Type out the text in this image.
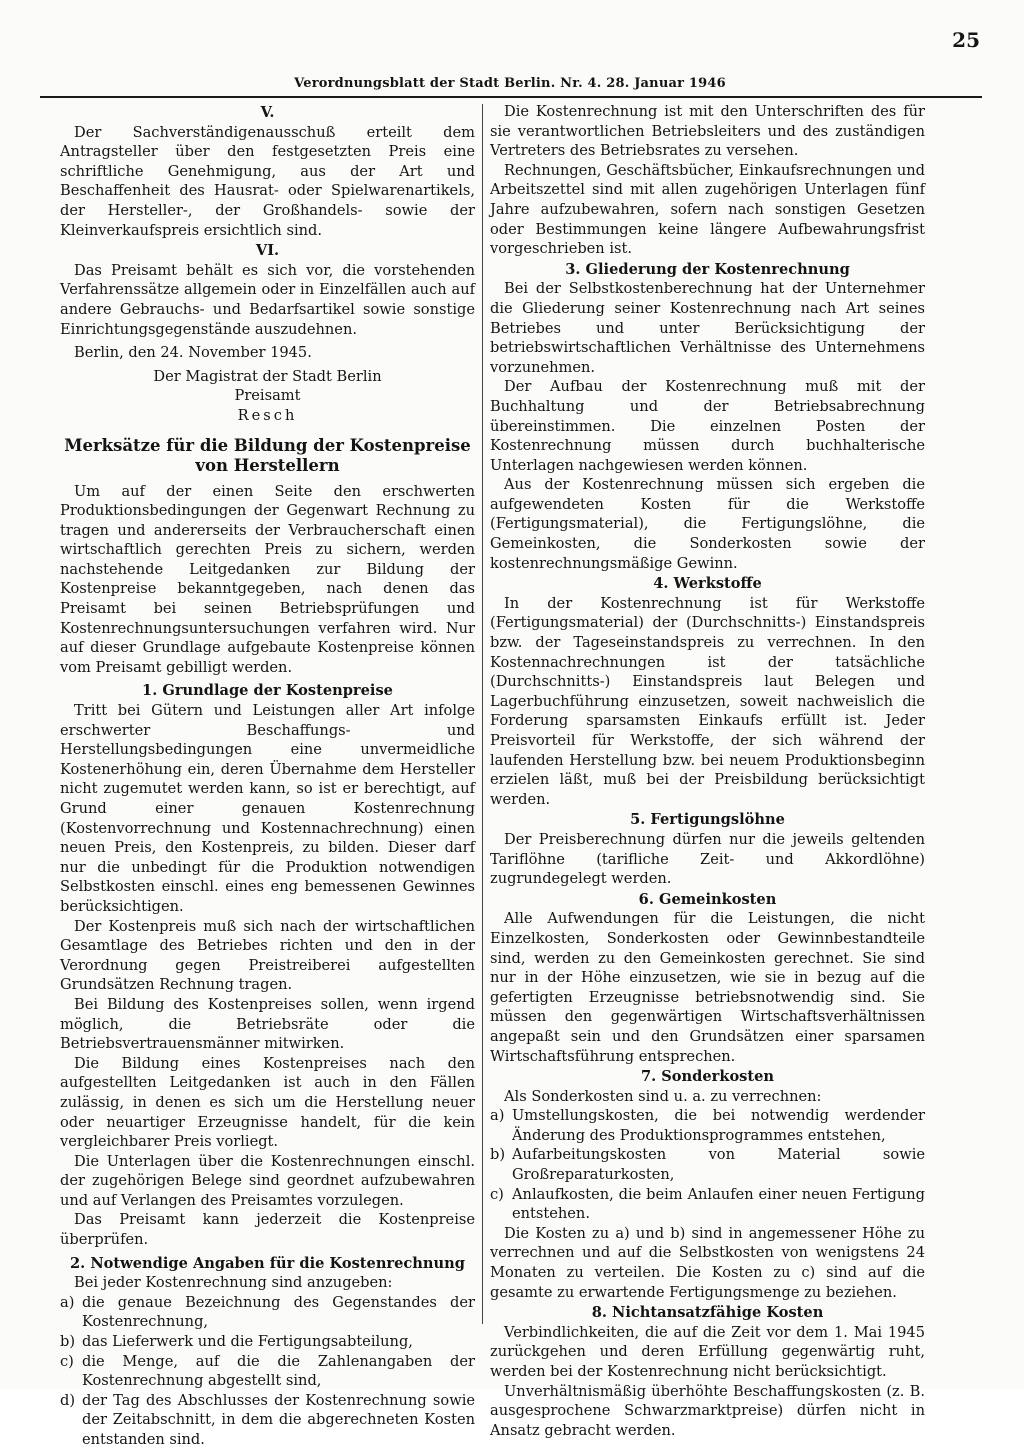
Verordnungsblatt der Stadt Berlin. Nr. 4. 28. Januar 1946
25

V.

Der Sachverständigenausschuß erteilt dem Antragsteller über den festgesetzten Preis eine schriftliche Genehmigung, aus der Art und Beschaffenheit des Hausrat- oder Spielwarenartikels, der Hersteller-, der Großhandels- sowie der Kleinverkaufspreis ersichtlich sind.

VI.

Das Preisamt behält es sich vor, die vorstehenden Verfahrenssätze allgemein oder in Einzelfällen auch auf andere Gebrauchs- und Bedarfsartikel sowie sonstige Einrichtungsgegenstände auszudehnen.

Berlin, den 24. November 1945.

Der Magistrat der Stadt Berlin

Preisamt

Resch

Merksätze für die Bildung der Kostenpreise
von Herstellern

Um auf der einen Seite den erschwerten Produktionsbedingungen der Gegenwart Rechnung zu tragen und andererseits der Verbraucherschaft einen wirtschaftlich gerechten Preis zu sichern, werden nachstehende Leitgedanken zur Bildung der Kostenpreise bekanntgegeben, nach denen das Preisamt bei seinen Betriebsprüfungen und Kostenrechnungsuntersuchungen verfahren wird. Nur auf dieser Grundlage aufgebaute Kostenpreise können vom Preisamt gebilligt werden.

1. Grundlage der Kostenpreise

Tritt bei Gütern und Leistungen aller Art infolge erschwerter Beschaffungs- und Herstellungsbedingungen eine unvermeidliche Kostenerhöhung ein, deren Übernahme dem Hersteller nicht zugemutet werden kann, so ist er berechtigt, auf Grund einer genauen Kostenrechnung (Kostenvorrechnung und Kostennachrechnung) einen neuen Preis, den Kostenpreis, zu bilden. Dieser darf nur die unbedingt für die Produktion notwendigen Selbstkosten einschl. eines eng bemessenen Gewinnes berücksichtigen.

Der Kostenpreis muß sich nach der wirtschaftlichen Gesamtlage des Betriebes richten und den in der Verordnung gegen Preistreiberei aufgestellten Grundsätzen Rechnung tragen.

Bei Bildung des Kostenpreises sollen, wenn irgend möglich, die Betriebsräte oder die Betriebsvertrauensmänner mitwirken.

Die Bildung eines Kostenpreises nach den aufgestellten Leitgedanken ist auch in den Fällen zulässig, in denen es sich um die Herstellung neuer oder neuartiger Erzeugnisse handelt, für die kein vergleichbarer Preis vorliegt.

Die Unterlagen über die Kostenrechnungen einschl. der zugehörigen Belege sind geordnet aufzubewahren und auf Verlangen des Preisamtes vorzulegen.

Das Preisamt kann jederzeit die Kostenpreise überprüfen.

2. Notwendige Angaben für die Kostenrechnung

Bei jeder Kostenrechnung sind anzugeben:

a) die genaue Bezeichnung des Gegenstandes der Kostenrechnung,
b) das Lieferwerk und die Fertigungsabteilung,
c) die Menge, auf die die Zahlenangaben der Kostenrechnung abgestellt sind,
d) der Tag des Abschlusses der Kostenrechnung sowie der Zeitabschnitt, in dem die abgerechneten Kosten entstanden sind.

Die Kostenrechnung ist mit den Unterschriften des für sie verantwortlichen Betriebsleiters und des zuständigen Vertreters des Betriebsrates zu versehen.

Rechnungen, Geschäftsbücher, Einkaufsrechnungen und Arbeitszettel sind mit allen zugehörigen Unterlagen fünf Jahre aufzubewahren, sofern nach sonstigen Gesetzen oder Bestimmungen keine längere Aufbewahrungsfrist vorgeschrieben ist.

3. Gliederung der Kostenrechnung

Bei der Selbstkostenberechnung hat der Unternehmer die Gliederung seiner Kostenrechnung nach Art seines Betriebes und unter Berücksichtigung der betriebswirtschaftlichen Verhältnisse des Unternehmens vorzunehmen.

Der Aufbau der Kostenrechnung muß mit der Buchhaltung und der Betriebsabrechnung übereinstimmen. Die einzelnen Posten der Kostenrechnung müssen durch buchhalterische Unterlagen nachgewiesen werden können.

Aus der Kostenrechnung müssen sich ergeben die aufgewendeten Kosten für die Werkstoffe (Fertigungsmaterial), die Fertigungslöhne, die Gemeinkosten, die Sonderkosten sowie der kostenrechnungsmäßige Gewinn.

4. Werkstoffe

In der Kostenrechnung ist für Werkstoffe (Fertigungsmaterial) der (Durchschnitts-) Einstandspreis bzw. der Tageseinstandspreis zu verrechnen. In den Kostennachrechnungen ist der tatsächliche (Durchschnitts-) Einstandspreis laut Belegen und Lagerbuchführung einzusetzen, soweit nachweislich die Forderung sparsamsten Einkaufs erfüllt ist. Jeder Preisvorteil für Werkstoffe, der sich während der laufenden Herstellung bzw. bei neuem Produktionsbeginn erzielen läßt, muß bei der Preisbildung berücksichtigt werden.

5. Fertigungslöhne

Der Preisberechnung dürfen nur die jeweils geltenden Tariflöhne (tarifliche Zeit- und Akkordlöhne) zugrundegelegt werden.

6. Gemeinkosten

Alle Aufwendungen für die Leistungen, die nicht Einzelkosten, Sonderkosten oder Gewinnbestandteile sind, werden zu den Gemeinkosten gerechnet. Sie sind nur in der Höhe einzusetzen, wie sie in bezug auf die gefertigten Erzeugnisse betriebsnotwendig sind. Sie müssen den gegenwärtigen Wirtschaftsverhältnissen angepaßt sein und den Grundsätzen einer sparsamen Wirtschaftsführung entsprechen.

7. Sonderkosten

Als Sonderkosten sind u. a. zu verrechnen:

a) Umstellungskosten, die bei notwendig werdender Änderung des Produktionsprogrammes entstehen,
b) Aufarbeitungskosten von Material sowie Großreparaturkosten,
c) Anlaufkosten, die beim Anlaufen einer neuen Fertigung entstehen.

Die Kosten zu a) und b) sind in angemessener Höhe zu verrechnen und auf die Selbstkosten von wenigstens 24 Monaten zu verteilen. Die Kosten zu c) sind auf die gesamte zu erwartende Fertigungsmenge zu beziehen.

8. Nichtansatzfähige Kosten

Verbindlichkeiten, die auf die Zeit vor dem 1. Mai 1945 zurückgehen und deren Erfüllung gegenwärtig ruht, werden bei der Kostenrechnung nicht berücksichtigt.

Unverhältnismäßig überhöhte Beschaffungskosten (z. B. ausgesprochene Schwarzmarktpreise) dürfen nicht in Ansatz gebracht werden.
